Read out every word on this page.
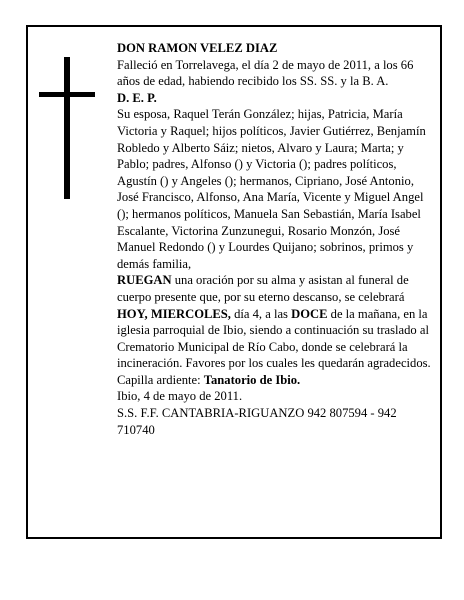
DON RAMON VELEZ DIAZ

Falleció en Torrelavega, el día 2 de mayo de 2011, a los 66 años de edad, habiendo recibido los SS. SS. y la B. A.

D. E. P.

Su esposa, Raquel Terán González; hijas, Patricia, María Victoria y Raquel; hijos políticos, Javier Gutiérrez, Benjamín Robledo y Alberto Sáiz; nietos, Alvaro y Laura; Marta; y Pablo; padres, Alfonso () y Victoria (); padres políticos, Agustín () y Angeles (); hermanos, Cipriano, José Antonio, José Francisco, Alfonso, Ana María, Vicente y Miguel Angel (); hermanos políticos, Manuela San Sebastián, María Isabel Escalante, Victorina Zunzunegui, Rosario Monzón, José Manuel Redondo () y Lourdes Quijano; sobrinos, primos y demás familia,

RUEGAN una oración por su alma y asistan al funeral de cuerpo presente que, por su eterno descanso, se celebrará HOY, MIERCOLES, día 4, a las DOCE de la mañana, en la iglesia parroquial de Ibio, siendo a continuación su traslado al Crematorio Municipal de Río Cabo, donde se celebrará la incineración. Favores por los cuales les quedarán agradecidos. Capilla ardiente: Tanatorio de Ibio.

Ibio, 4 de mayo de 2011.

S.S. F.F. CANTABRIA-RIGUANZO 942 807594 - 942 710740
